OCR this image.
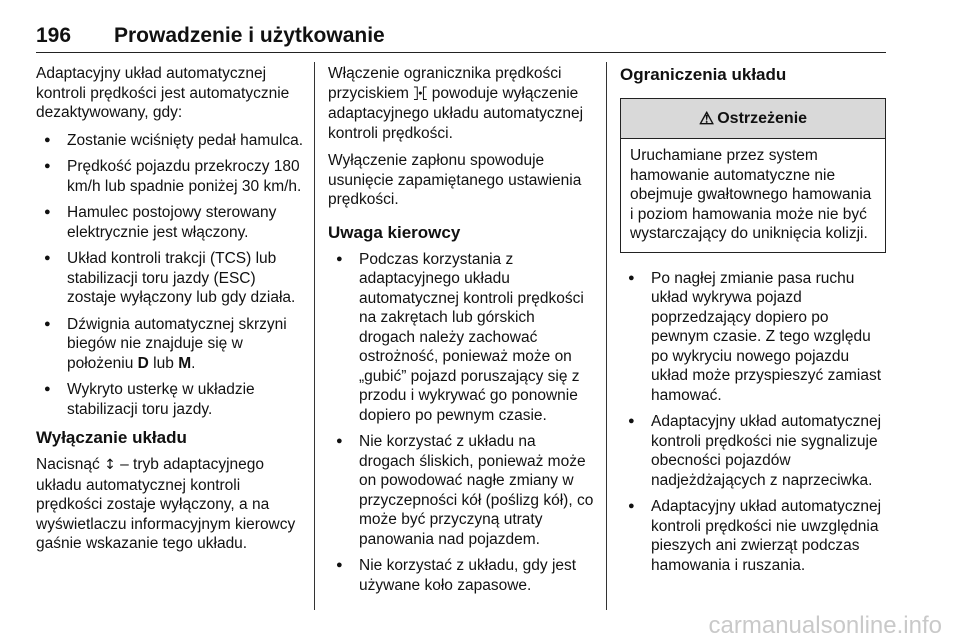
196 Prowadzenie i użytkowanie

Adaptacyjny układ automatycznej kontroli prędkości jest automatycznie dezaktywowany, gdy:

● Zostanie wciśnięty pedał hamulca.
● Prędkość pojazdu przekroczy 180 km/h lub spadnie poniżej 30 km/h.
● Hamulec postojowy sterowany elektrycznie jest włączony.
● Układ kontroli trakcji (TCS) lub stabilizacji toru jazdy (ESC) zostaje wyłączony lub gdy działa.
● Dźwignia automatycznej skrzyni biegów nie znajduje się w położeniu D lub M.
● Wykryto usterkę w układzie stabilizacji toru jazdy.
Wyłączanie układu

Nacisnąć ↕︎ – tryb adaptacyjnego układu automatycznej kontroli prędkości zostaje wyłączony, a na wyświetlaczu informacyjnym kierowcy gaśnie wskazanie tego układu.

Włączenie ogranicznika prędkości przyciskiem ⯘︎ powoduje wyłączenie adaptacyjnego układu automatycznej kontroli prędkości.

Wyłączenie zapłonu spowoduje usunięcie zapamiętanego ustawienia prędkości.

Uwaga kierowcy
● Podczas korzystania z adaptacyjnego układu automatycznej kontroli prędkości na zakrętach lub górskich drogach należy zachować ostrożność, ponieważ może on „gubić” pojazd poruszający się z przodu i wykrywać go ponownie dopiero po pewnym czasie.
● Nie korzystać z układu na drogach śliskich, ponieważ może on powodować nagłe zmiany w przyczepności kół (poślizg kół), co może być przyczyną utraty panowania nad pojazdem.
● Nie korzystać z układu, gdy jest używane koło zapasowe.
Ograniczenia układu
⚠︎ Ostrzeżenie
Uruchamiane przez system hamowanie automatyczne nie obejmuje gwałtownego hamowania i poziom hamowania może nie być wystarczający do uniknięcia kolizji.
● Po nagłej zmianie pasa ruchu układ wykrywa pojazd poprzedzający dopiero po pewnym czasie. Z tego względu po wykryciu nowego pojazdu układ może przyspieszyć zamiast hamować.
● Adaptacyjny układ automatycznej kontroli prędkości nie sygnalizuje obecności pojazdów nadjeżdżających z naprzeciwka.
● Adaptacyjny układ automatycznej kontroli prędkości nie uwzględnia pieszych ani zwierząt podczas hamowania i ruszania.
carmanualsonline.info
